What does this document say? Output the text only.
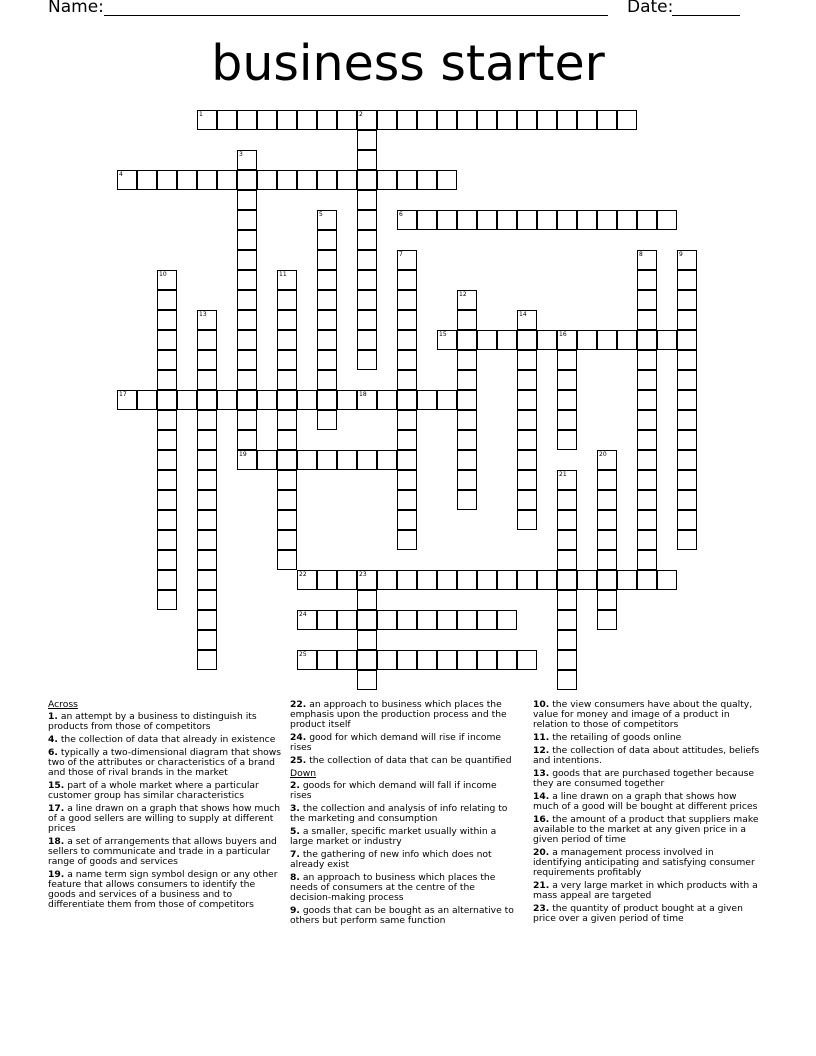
Name:	Date:
business starter
1	2
3
4
5	6
7	8	9
10	11
12
13	14
15	16
17	18
19	20
21
22	23
24
25
Across
1. an attempt by a business to distinguish its products from those of competitors
4. the collection of data that already in existence
6. typically a two-dimensional diagram that shows two of the attributes or characteristics of a brand and those of rival brands in the market
15. part of a whole market where a particular customer group has similar characteristics
17. a line drawn on a graph that shows how much of a good sellers are willing to supply at different prices
18. a set of arrangements that allows buyers and sellers to communicate and trade in a particular range of goods and services
19. a name term sign symbol design or any other feature that allows consumers to identify the goods and services of a business and to differentiate them from those of competitors
22. an approach to business which places the emphasis upon the production process and the product itself
24. good for which demand will rise if income rises
25. the collection of data that can be quantified
Down
2. goods for which demand will fall if income rises
3. the collection and analysis of info relating to the marketing and consumption
5. a smaller, specific market usually within a large market or industry
7. the gathering of new info which does not already exist
8. an approach to business which places the needs of consumers at the centre of the decision-making process
9. goods that can be bought as an alternative to others but perform same function
10. the view consumers have about the qualty, value for money and image of a product in relation to those of competitors
11. the retailing of goods online
12. the collection of data about attitudes, beliefs and intentions.
13. goods that are purchased together because they are consumed together
14. a line drawn on a graph that shows how much of a good will be bought at different prices
16. the amount of a product that suppliers make available to the market at any given price in a given period of time
20. a management process involved in identifying anticipating and satisfying consumer requirements profitably
21. a very large market in which products with a mass appeal are targeted
23. the quantity of product bought at a given price over a given period of time
